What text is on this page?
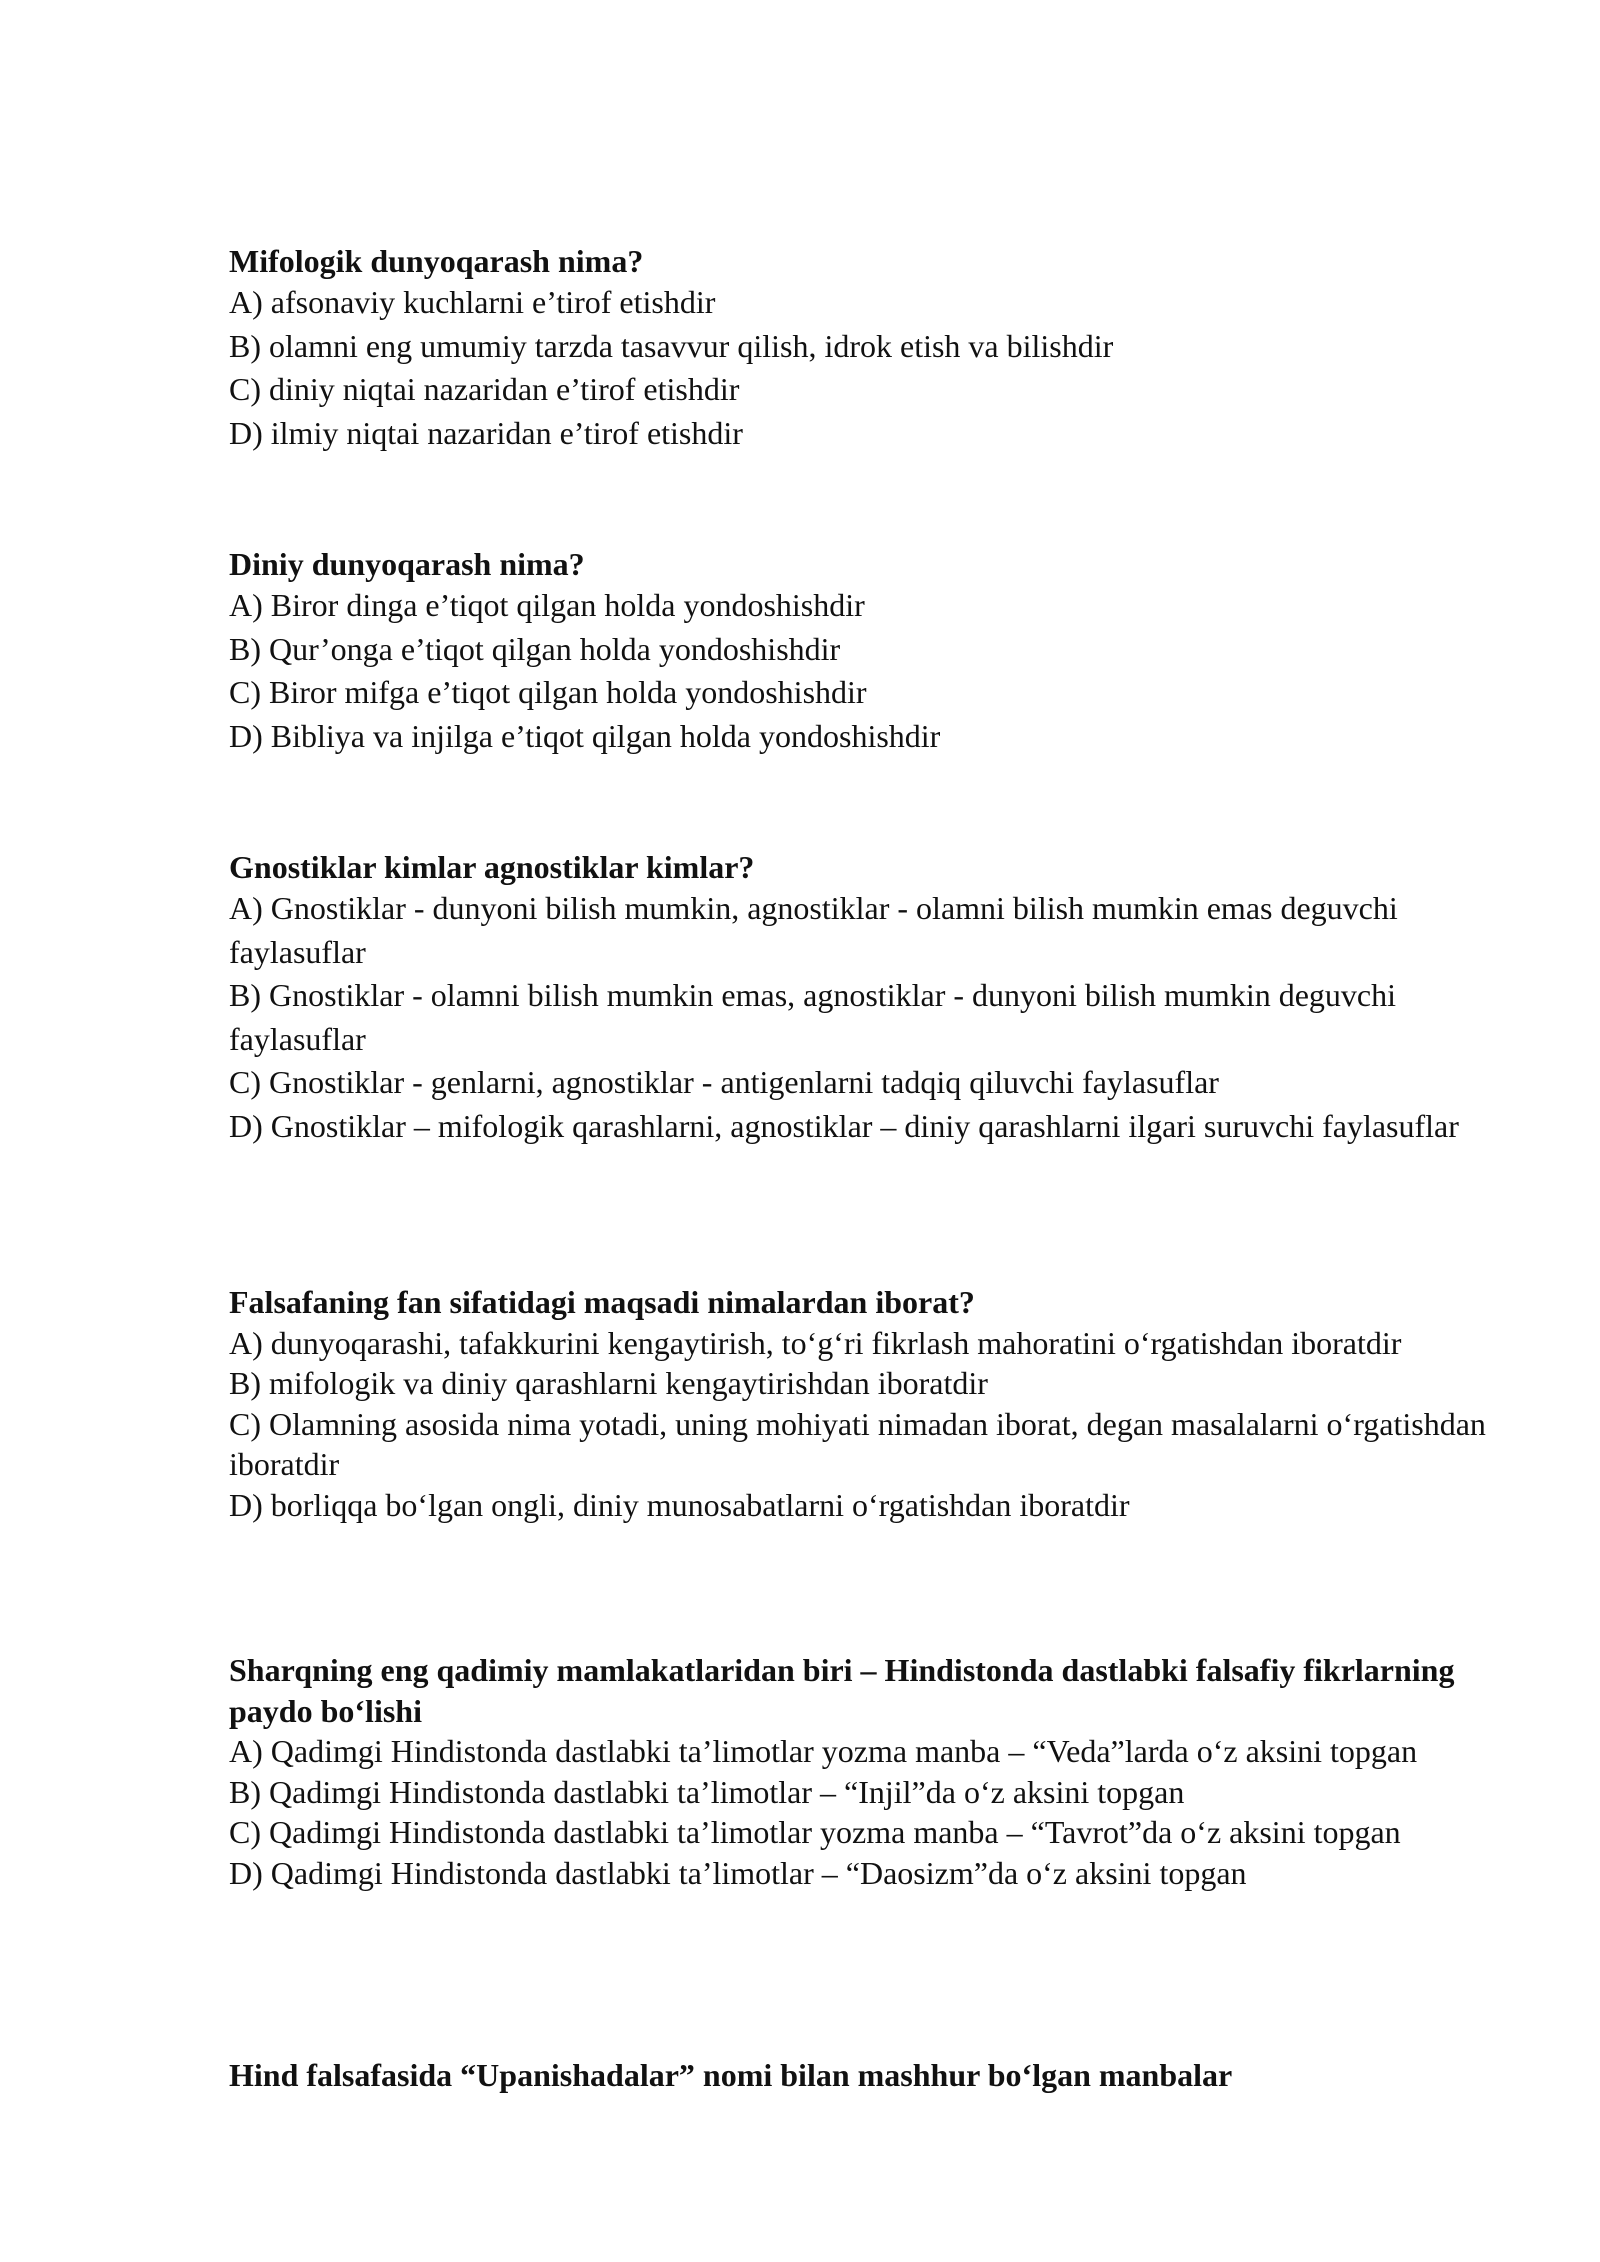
Mifologik dunyoqarash nima?

A) afsonaviy kuchlarni e’tirof etishdir

B) olamni eng umumiy tarzda tasavvur qilish, idrok etish va bilishdir

C) diniy niqtai nazaridan e’tirof etishdir

D) ilmiy niqtai nazaridan e’tirof etishdir

Diniy dunyoqarash nima?

A) Biror dinga e’tiqot qilgan holda yondoshishdir

B) Qur’onga e’tiqot qilgan holda yondoshishdir

C) Biror mifga e’tiqot qilgan holda yondoshishdir

D) Bibliya va injilga e’tiqot qilgan holda yondoshishdir

Gnostiklar kimlar agnostiklar kimlar?

A) Gnostiklar - dunyoni bilish mumkin, agnostiklar - olamni bilish mumkin emas deguvchi faylasuflar

B) Gnostiklar - olamni bilish mumkin emas, agnostiklar - dunyoni bilish mumkin deguvchi faylasuflar

C) Gnostiklar - genlarni, agnostiklar - antigenlarni tadqiq qiluvchi faylasuflar

D) Gnostiklar – mifologik qarashlarni, agnostiklar – diniy qarashlarni ilgari suruvchi faylasuflar

Falsafaning fan sifatidagi maqsadi nimalardan iborat?

A) dunyoqarashi, tafakkurini kengaytirish, to‘g‘ri fikrlash mahoratini o‘rgatishdan iboratdir

B) mifologik va diniy qarashlarni kengaytirishdan iboratdir

C) Olamning asosida nima yotadi, uning mohiyati nimadan iborat, degan masalalarni o‘rgatishdan iboratdir

D) borliqqa bo‘lgan ongli, diniy munosabatlarni o‘rgatishdan iboratdir

Sharqning eng qadimiy mamlakatlaridan biri – Hindistonda dastlabki falsafiy fikrlarning paydo bo‘lishi

A) Qadimgi Hindistonda dastlabki ta’limotlar yozma manba – “Veda”larda o‘z aksini topgan

B) Qadimgi Hindistonda dastlabki ta’limotlar – “Injil”da o‘z aksini topgan

C) Qadimgi Hindistonda dastlabki ta’limotlar yozma manba – “Tavrot”da o‘z aksini topgan

D) Qadimgi Hindistonda dastlabki ta’limotlar – “Daosizm”da o‘z aksini topgan

Hind falsafasida “Upanishadalar” nomi bilan mashhur bo‘lgan manbalar
